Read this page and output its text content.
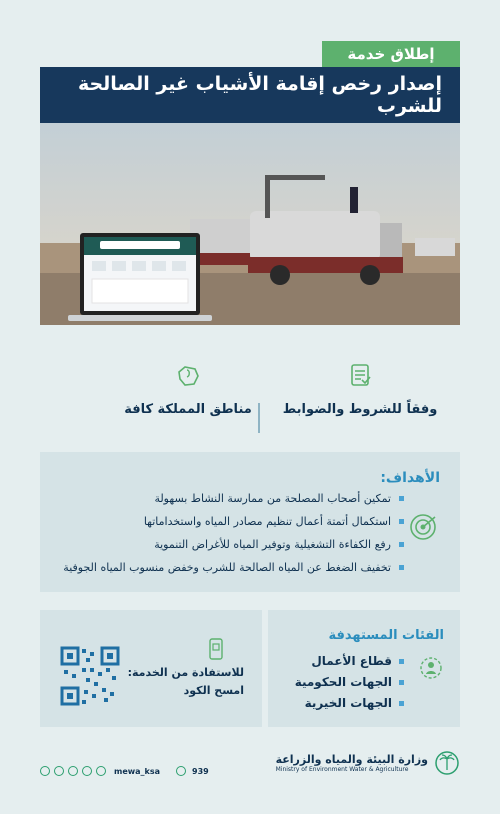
إطلاق خدمة
إصدار رخص إقامة الأشياب غير الصالحة للشرب
وفقاً للشروط والضوابط
مناطق المملكة كافة
الأهداف:
تمكين أصحاب المصلحة من ممارسة النشاط بسهولة
استكمال أتمتة أعمال تنظيم مصادر المياه واستخداماتها
رفع الكفاءة التشغيلية وتوفير المياه للأغراض التنموية
تخفيف الضغط عن المياه الصالحة للشرب وخفض منسوب المياه الجوفية
الفئات المستهدفة
قطاع الأعمال
الجهات الحكومية
الجهات الخيرية
للاستفادة من الخدمة:
امسح الكود
وزارة البيئة والمياه والزراعة
Ministry of Environment Water & Agriculture
mewa_ksa	939
